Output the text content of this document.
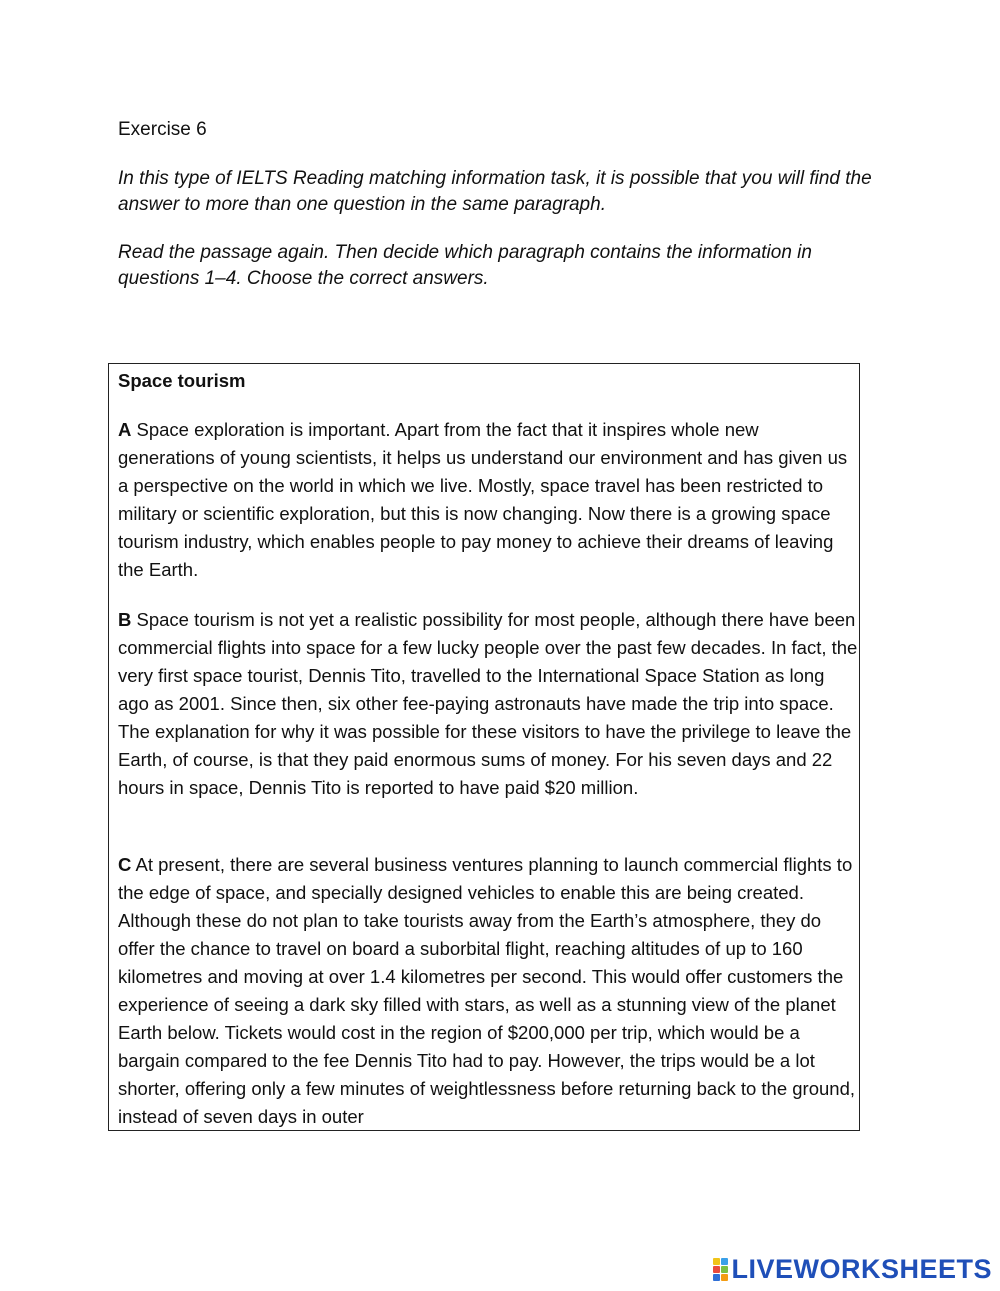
Exercise 6

In this type of IELTS Reading matching information task, it is possible that you will find the answer to more than one question in the same paragraph.

Read the passage again. Then decide which paragraph contains the information in questions 1–4. Choose the correct answers.

Space tourism

A Space exploration is important. Apart from the fact that it inspires whole new generations of young scientists, it helps us understand our environment and has given us a perspective on the world in which we live. Mostly, space travel has been restricted to military or scientific exploration, but this is now changing. Now there is a growing space tourism industry, which enables people to pay money to achieve their dreams of leaving the Earth.

B Space tourism is not yet a realistic possibility for most people, although there have been commercial flights into space for a few lucky people over the past few decades. In fact, the very first space tourist, Dennis Tito, travelled to the International Space Station as long ago as 2001. Since then, six other fee-paying astronauts have made the trip into space. The explanation for why it was possible for these visitors to have the privilege to leave the Earth, of course, is that they paid enormous sums of money. For his seven days and 22 hours in space, Dennis Tito is reported to have paid $20 million.

C At present, there are several business ventures planning to launch commercial flights to the edge of space, and specially designed vehicles to enable this are being created. Although these do not plan to take tourists away from the Earth’s atmosphere, they do offer the chance to travel on board a suborbital flight, reaching altitudes of up to 160 kilometres and moving at over 1.4 kilometres per second. This would offer customers the experience of seeing a dark sky filled with stars, as well as a stunning view of the planet Earth below. Tickets would cost in the region of $200,000 per trip, which would be a bargain compared to the fee Dennis Tito had to pay. However, the trips would be a lot shorter, offering only a few minutes of weightlessness before returning back to the ground, instead of seven days in outer

LIVEWORKSHEETS
